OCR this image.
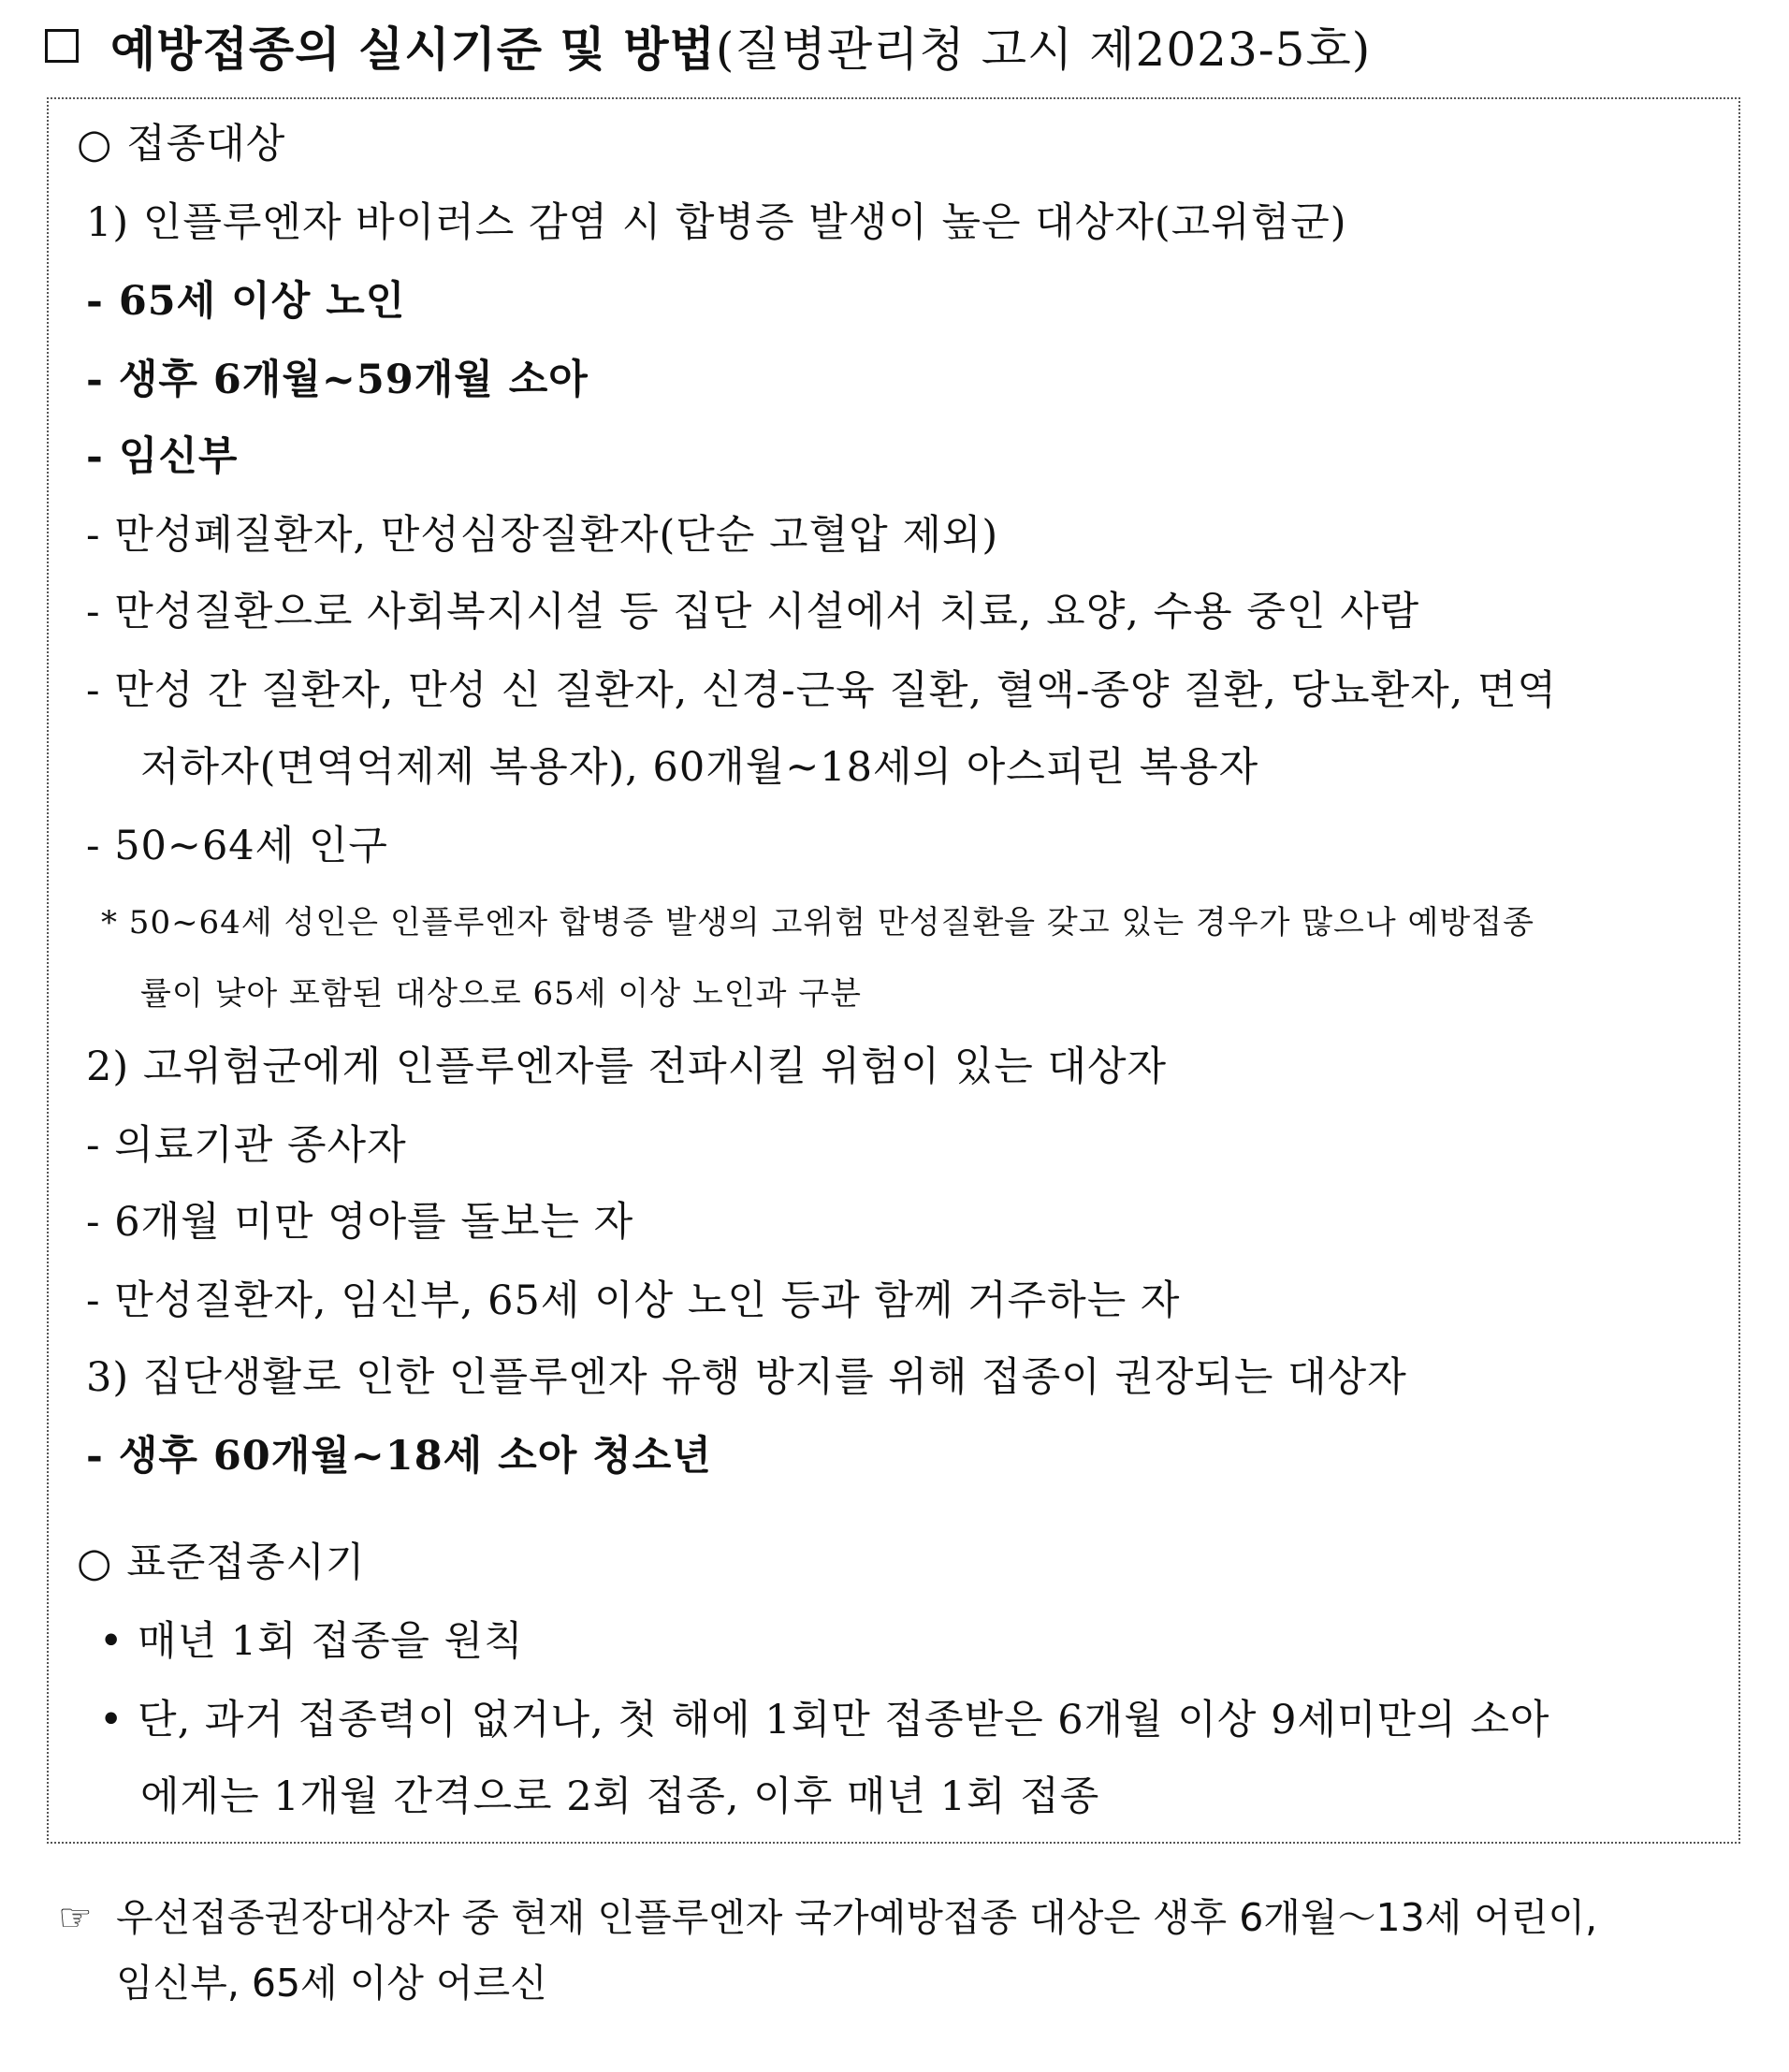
예방접종의 실시기준 및 방법 (질병관리청 고시 제2023-5호)
○ 접종대상
1) 인플루엔자 바이러스 감염 시 합병증 발생이 높은 대상자(고위험군)
- 65세 이상 노인
- 생후 6개월~59개월 소아
- 임신부
- 만성폐질환자, 만성심장질환자(단순 고혈압 제외)
- 만성질환으로 사회복지시설 등 집단 시설에서 치료, 요양, 수용 중인 사람
- 만성 간 질환자, 만성 신 질환자, 신경-근육 질환, 혈액-종양 질환, 당뇨환자, 면역
저하자(면역억제제 복용자), 60개월~18세의 아스피린 복용자
- 50~64세 인구
* 50~64세 성인은 인플루엔자 합병증 발생의 고위험 만성질환을 갖고 있는 경우가 많으나 예방접종
률이 낮아 포함된 대상으로 65세 이상 노인과 구분
2) 고위험군에게 인플루엔자를 전파시킬 위험이 있는 대상자
- 의료기관 종사자
- 6개월 미만 영아를 돌보는 자
- 만성질환자, 임신부, 65세 이상 노인 등과 함께 거주하는 자
3) 집단생활로 인한 인플루엔자 유행 방지를 위해 접종이 권장되는 대상자
- 생후 60개월~18세 소아 청소년
○ 표준접종시기
• 매년 1회 접종을 원칙
• 단, 과거 접종력이 없거나, 첫 해에 1회만 접종받은 6개월 이상 9세미만의 소아
에게는 1개월 간격으로 2회 접종, 이후 매년 1회 접종
☞ 우선접종권장대상자 중 현재 인플루엔자 국가예방접종 대상은 생후 6개월～13세 어린이,
임신부, 65세 이상 어르신
